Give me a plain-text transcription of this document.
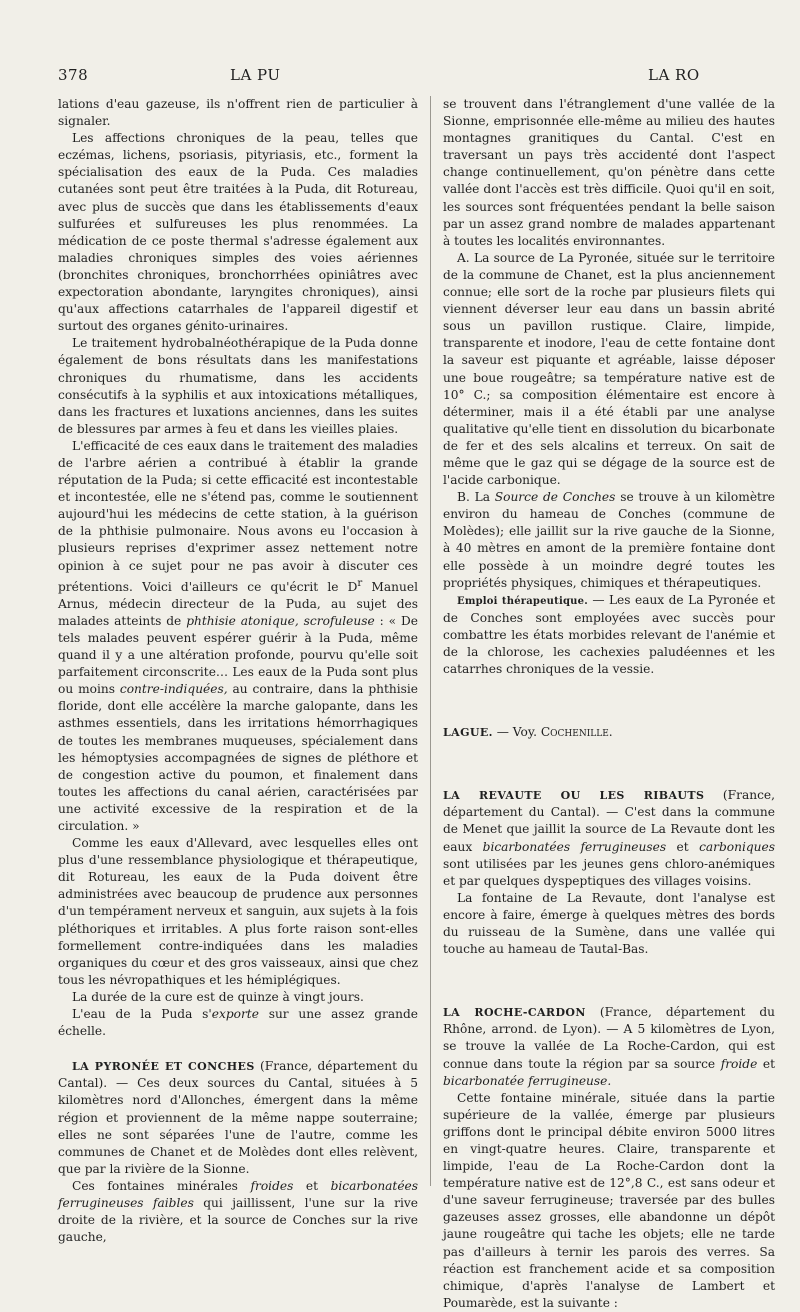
378	LA PU	LA RO

lations d'eau gazeuse, ils n'offrent rien de particulier à signaler.

Les affections chroniques de la peau, telles que eczémas, lichens, psoriasis, pityriasis, etc., forment la spécialisation des eaux de la Puda. Ces maladies cutanées sont peut être traitées à la Puda, dit Rotureau, avec plus de succès que dans les établissements d'eaux sulfurées et sulfureuses les plus renommées. La médication de ce poste thermal s'adresse également aux maladies chroniques simples des voies aériennes (bronchites chroniques, bronchorrhées opiniâtres avec expectoration abondante, laryngites chroniques), ainsi qu'aux affections catarrhales de l'appareil digestif et surtout des organes génito-urinaires.

Le traitement hydrobalnéothérapique de la Puda donne également de bons résultats dans les manifestations chroniques du rhumatisme, dans les accidents consécutifs à la syphilis et aux intoxications métalliques, dans les fractures et luxations anciennes, dans les suites de blessures par armes à feu et dans les vieilles plaies.

L'efficacité de ces eaux dans le traitement des maladies de l'arbre aérien a contribué à établir la grande réputation de la Puda; si cette efficacité est incontestable et incontestée, elle ne s'étend pas, comme le soutiennent aujourd'hui les médecins de cette station, à la guérison de la phthisie pulmonaire. Nous avons eu l'occasion à plusieurs reprises d'exprimer assez nettement notre opinion à ce sujet pour ne pas avoir à discuter ces prétentions. Voici d'ailleurs ce qu'écrit le $D^r$ Manuel Arnus, médecin directeur de la Puda, au sujet des malades atteints de phthisie atonique, scrofuleuse : « De tels malades peuvent espérer guérir à la Puda, même quand il y a une altération profonde, pourvu qu'elle soit parfaitement circonscrite… Les eaux de la Puda sont plus ou moins contre-indiquées, au contraire, dans la phthisie floride, dont elle accélère la marche galopante, dans les asthmes essentiels, dans les irritations hémorrhagiques de toutes les membranes muqueuses, spécialement dans les hémoptysies accompagnées de signes de pléthore et de congestion active du poumon, et finalement dans toutes les affections du canal aérien, caractérisées par une activité excessive de la respiration et de la circulation. »

Comme les eaux d'Allevard, avec lesquelles elles ont plus d'une ressemblance physiologique et thérapeutique, dit Rotureau, les eaux de la Puda doivent être administrées avec beaucoup de prudence aux personnes d'un tempérament nerveux et sanguin, aux sujets à la fois pléthoriques et irritables. A plus forte raison sont-elles formellement contre-indiquées dans les maladies organiques du cœur et des gros vaisseaux, ainsi que chez tous les névropathiques et les hémiplégiques.

La durée de la cure est de quinze à vingt jours.

L'eau de la Puda s'exporte sur une assez grande échelle.

LA PYRONÉE ET CONCHES (France, département du Cantal). — Ces deux sources du Cantal, situées à 5 kilomètres nord d'Allonches, émergent dans la même région et proviennent de la même nappe souterraine; elles ne sont séparées l'une de l'autre, comme les communes de Chanet et de Molèdes dont elles relèvent, que par la rivière de la Sionne.

Ces fontaines minérales froides et bicarbonatées ferrugineuses faibles qui jaillissent, l'une sur la rive droite de la rivière, et la source de Conches sur la rive gauche,

se trouvent dans l'étranglement d'une vallée de la Sionne, emprisonnée elle-même au milieu des hautes montagnes granitiques du Cantal. C'est en traversant un pays très accidenté dont l'aspect change continuellement, qu'on pénètre dans cette vallée dont l'accès est très difficile. Quoi qu'il en soit, les sources sont fréquentées pendant la belle saison par un assez grand nombre de malades appartenant à toutes les localités environnantes.

A. La source de La Pyronée, située sur le territoire de la commune de Chanet, est la plus anciennement connue; elle sort de la roche par plusieurs filets qui viennent déverser leur eau dans un bassin abrité sous un pavillon rustique. Claire, limpide, transparente et inodore, l'eau de cette fontaine dont la saveur est piquante et agréable, laisse déposer une boue rougeâtre; sa température native est de 10° C.; sa composition élémentaire est encore à déterminer, mais il a été établi par une analyse qualitative qu'elle tient en dissolution du bicarbonate de fer et des sels alcalins et terreux. On sait de même que le gaz qui se dégage de la source est de l'acide carbonique.

B. La Source de Conches se trouve à un kilomètre environ du hameau de Conches (commune de Molèdes); elle jaillit sur la rive gauche de la Sionne, à 40 mètres en amont de la première fontaine dont elle possède à un moindre degré toutes les propriétés physiques, chimiques et thérapeutiques.

Emploi thérapeutique. — Les eaux de La Pyronée et de Conches sont employées avec succès pour combattre les états morbides relevant de l'anémie et de la chlorose, les cachexies paludéennes et les catarrhes chroniques de la vessie.

LAGUE. — Voy. Cochenille.

LA REVAUTE OU LES RIBAUTS (France, département du Cantal). — C'est dans la commune de Menet que jaillit la source de La Revaute dont les eaux bicarbonatées ferrugineuses et carboniques sont utilisées par les jeunes gens chloro-anémiques et par quelques dyspeptiques des villages voisins.

La fontaine de La Revaute, dont l'analyse est encore à faire, émerge à quelques mètres des bords du ruisseau de la Sumène, dans une vallée qui touche au hameau de Tautal-Bas.

LA ROCHE-CARDON (France, département du Rhône, arrond. de Lyon). — A 5 kilomètres de Lyon, se trouve la vallée de La Roche-Cardon, qui est connue dans toute la région par sa source froide et bicarbonatée ferrugineuse.

Cette fontaine minérale, située dans la partie supérieure de la vallée, émerge par plusieurs griffons dont le principal débite environ 5000 litres en vingt-quatre heures. Claire, transparente et limpide, l'eau de La Roche-Cardon dont la température native est de 12°,8 C., est sans odeur et d'une saveur ferrugineuse; traversée par des bulles gazeuses assez grosses, elle abandonne un dépôt jaune rougeâtre qui tache les objets; elle ne tarde pas d'ailleurs à ternir les parois des verres. Sa réaction est franchement acide et sa composition chimique, d'après l'analyse de Lambert et Poumarède, est la suivante :
